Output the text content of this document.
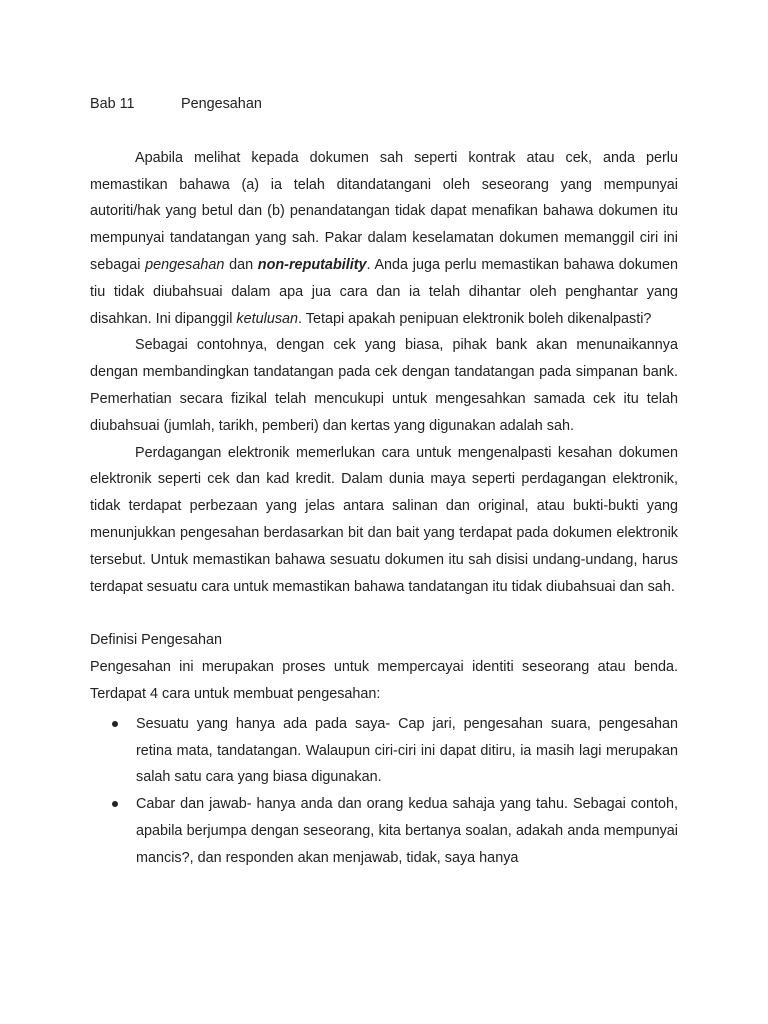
Bab 11	Pengesahan

Apabila melihat kepada dokumen sah seperti kontrak atau cek, anda perlu memastikan bahawa (a) ia telah ditandatangani oleh seseorang yang mempunyai autoriti/hak yang betul dan (b) penandatangan tidak dapat menafikan bahawa dokumen itu mempunyai tandatangan yang sah. Pakar dalam keselamatan dokumen memanggil ciri ini sebagai pengesahan dan non-reputability. Anda juga perlu memastikan bahawa dokumen tiu tidak diubahsuai dalam apa jua cara dan ia telah dihantar oleh penghantar yang disahkan. Ini dipanggil ketulusan. Tetapi apakah penipuan elektronik boleh dikenalpasti?

Sebagai contohnya, dengan cek yang biasa, pihak bank akan menunaikannya dengan membandingkan tandatangan pada cek dengan tandatangan pada simpanan bank. Pemerhatian secara fizikal telah mencukupi untuk mengesahkan samada cek itu telah diubahsuai (jumlah, tarikh, pemberi) dan kertas yang digunakan adalah sah.

Perdagangan elektronik memerlukan cara untuk mengenalpasti kesahan dokumen elektronik seperti cek dan kad kredit. Dalam dunia maya seperti perdagangan elektronik, tidak terdapat perbezaan yang jelas antara salinan dan original, atau bukti-bukti yang menunjukkan pengesahan berdasarkan bit dan bait yang terdapat pada dokumen elektronik tersebut. Untuk memastikan bahawa sesuatu dokumen itu sah disisi undang-undang, harus terdapat sesuatu cara untuk memastikan bahawa tandatangan itu tidak diubahsuai dan sah.

Definisi Pengesahan

Pengesahan ini merupakan proses untuk mempercayai identiti seseorang atau benda. Terdapat 4 cara untuk membuat pengesahan:

Sesuatu yang hanya ada pada saya- Cap jari, pengesahan suara, pengesahan retina mata, tandatangan. Walaupun ciri-ciri ini dapat ditiru, ia masih lagi merupakan salah satu cara yang biasa digunakan.
Cabar dan jawab- hanya anda dan orang kedua sahaja yang tahu. Sebagai contoh, apabila berjumpa dengan seseorang, kita bertanya soalan, adakah anda mempunyai mancis?, dan responden akan menjawab, tidak, saya hanya
